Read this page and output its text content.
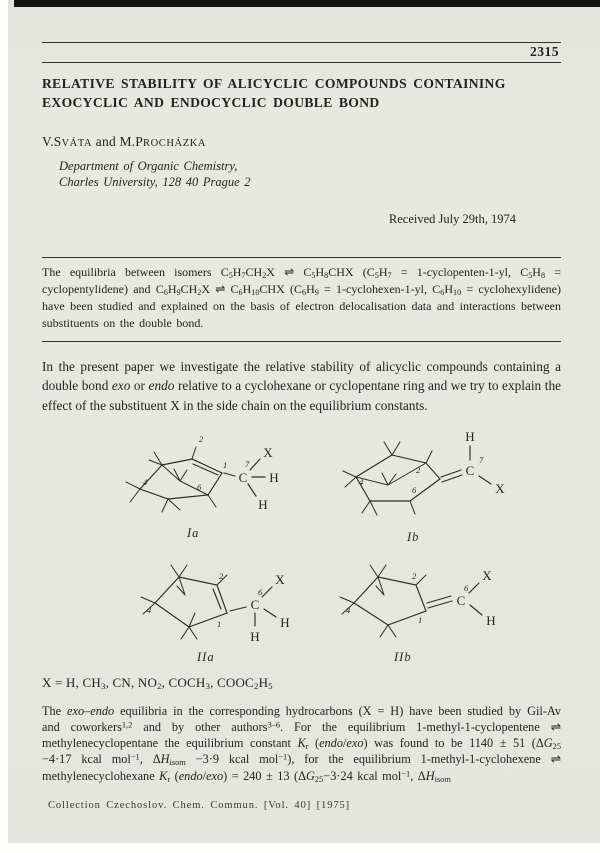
2315
RELATIVE STABILITY OF ALICYCLIC COMPOUNDS CONTAINING
EXOCYCLIC AND ENDOCYCLIC DOUBLE BOND
V.SVÁTA and M.PROCHÁZKA
Department of Organic Chemistry,
Charles University, 128 40 Prague 2
Received July 29th, 1974
The equilibria between isomers $C_5H_7CH_2X$ ⇌ $C_5H_8CHX$ ($C_5H_7$ = 1-cyclopenten-1-yl, $C_5H_8$ = cyclopentylidene) and $C_6H_9CH_2X$ ⇌ $C_6H_{10}CHX$ ($C_6H_9$ = 1-cyclohexen-1-yl, $C_6H_{10}$ = cyclohexylidene) have been studied and explained on the basis of electron delocalisation data and interactions between substituents on the double bond.
In the present paper we investigate the relative stability of alicyclic compounds containing a double bond exo or endo relative to a cyclohexane or cyclopentane ring and we try to explain the effect of the substituent X in the side chain on the equilibrium constants.
C
X
H
H
2
1 7
6
4
Ia
C
H
X
7
2
6
4
Ib
C
X
H
H
2
1
4
6
IIa
C
X
H
2
1
4
6
IIb
X = H, $CH_3$, CN, $NO_2$, $COCH_3$, $COOC_2H_5$
The exo–endo equilibria in the corresponding hydrocarbons (X = H) have been studied by Gil-Av and coworkers$^{1,2}$ and by other authors$^{3-6}$. For the equilibrium 1-methyl-1-cyclopentene ⇌ methylenecyclopentane the equilibrium constant $K_r$ (endo/exo) was found to be 1140 ± 51 ($\Delta G_{25} -4\cdot 17$ kcal mol$^{-1}$, $\Delta H_{isom} -3\cdot 9$ kcal mol$^{-1}$), for the equilibrium 1-methyl-1-cyclohexene ⇌ methylenecyclohexane $K_r$ (endo/exo) = 240 ± 13 ($\Delta G_{25}-3\cdot 24$ kcal mol$^{-1}$, $\Delta H_{isom}$
Collection Czechoslov. Chem. Commun. [Vol. 40] [1975]
